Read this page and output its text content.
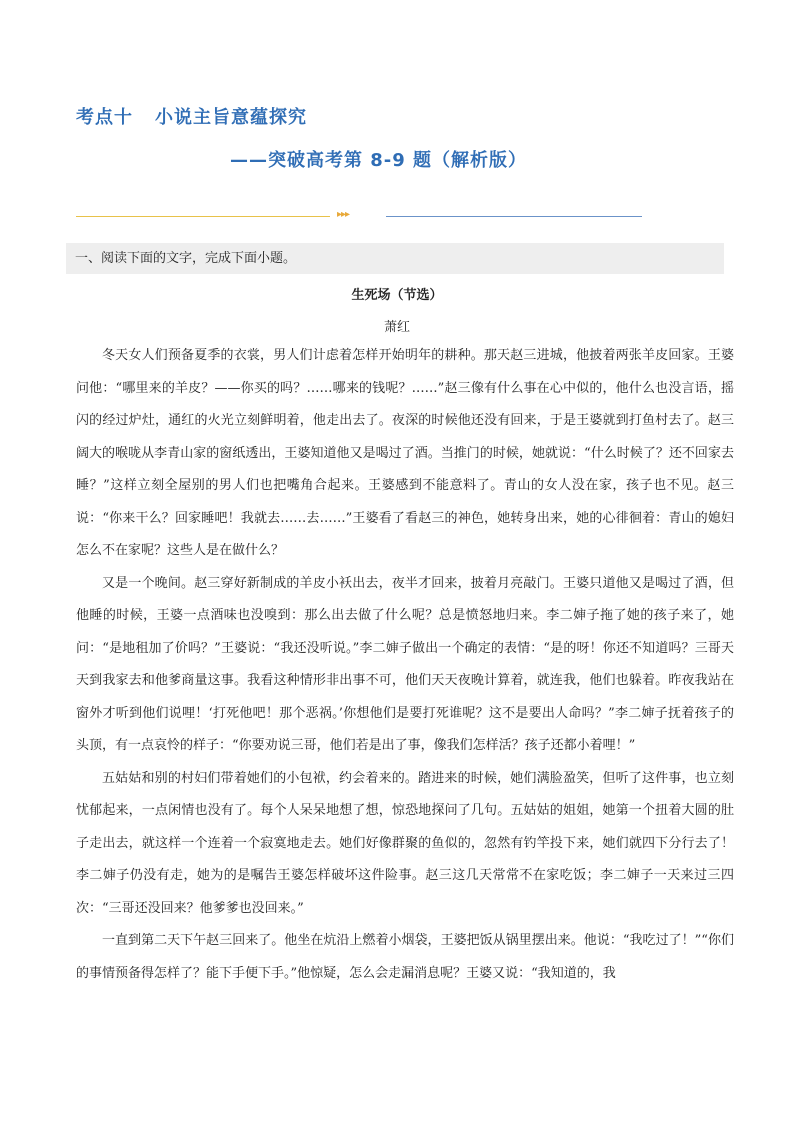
考点十 小说主旨意蕴探究
——突破高考第 8-9 题（解析版）
▸▸▸
一、阅读下面的文字，完成下面小题。
生死场（节选）
萧红

冬天女人们预备夏季的衣裳，男人们计虑着怎样开始明年的耕种。那天赵三进城，他披着两张羊皮回家。王婆问他：“哪里来的羊皮？——你买的吗？……哪来的钱呢？……”赵三像有什么事在心中似的，他什么也没言语，摇闪的经过炉灶，通红的火光立刻鲜明着，他走出去了。夜深的时候他还没有回来，于是王婆就到打鱼村去了。赵三阔大的喉咙从李青山家的窗纸透出，王婆知道他又是喝过了酒。当推门的时候，她就说：“什么时候了？还不回家去睡？”这样立刻全屋别的男人们也把嘴角合起来。王婆感到不能意料了。青山的女人没在家，孩子也不见。赵三说：“你来干么？回家睡吧！我就去……去……”王婆看了看赵三的神色，她转身出来，她的心徘徊着：青山的媳妇怎么不在家呢？这些人是在做什么？

又是一个晚间。赵三穿好新制成的羊皮小袄出去，夜半才回来，披着月亮敲门。王婆只道他又是喝过了酒，但他睡的时候，王婆一点酒味也没嗅到：那么出去做了什么呢？总是愤怒地归来。李二婶子拖了她的孩子来了，她问：“是地租加了价吗？”王婆说：“我还没听说。”李二婶子做出一个确定的表情：“是的呀！你还不知道吗？三哥天天到我家去和他爹商量这事。我看这种情形非出事不可，他们天天夜晚计算着，就连我，他们也躲着。昨夜我站在窗外才听到他们说哩！‘打死他吧！那个恶祸。’你想他们是要打死谁呢？这不是要出人命吗？”李二婶子抚着孩子的头顶，有一点哀怜的样子：“你要劝说三哥，他们若是出了事，像我们怎样活？孩子还都小着哩！”

五姑姑和别的村妇们带着她们的小包袱，约会着来的。踏进来的时候，她们满脸盈笑，但听了这件事，也立刻忧郁起来，一点闲情也没有了。每个人呆呆地想了想，惊恐地探问了几句。五姑姑的姐姐，她第一个扭着大圆的肚子走出去，就这样一个连着一个寂寞地走去。她们好像群聚的鱼似的，忽然有钓竿投下来，她们就四下分行去了！李二婶子仍没有走，她为的是嘱告王婆怎样破坏这件险事。赵三这几天常常不在家吃饭；李二婶子一天来过三四次：“三哥还没回来？他爹爹也没回来。”

一直到第二天下午赵三回来了。他坐在炕沿上燃着小烟袋，王婆把饭从锅里摆出来。他说：“我吃过了！”“你们的事情预备得怎样了？能下手便下手。”他惊疑，怎么会走漏消息呢？王婆又说：“我知道的，我
